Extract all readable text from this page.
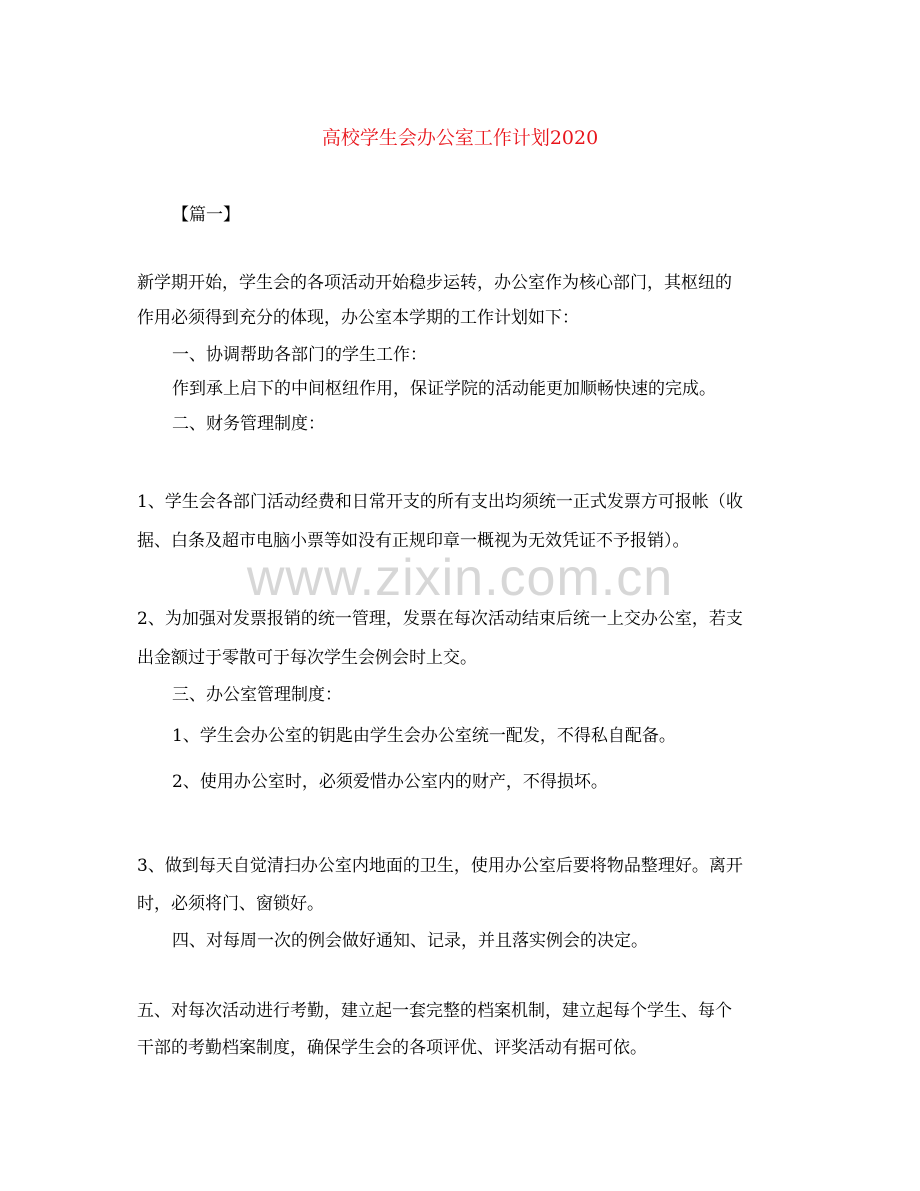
www.zixin.com.cn
高校学生会办公室工作计划2020
【篇一】
新学期开始，学生会的各项活动开始稳步运转，办公室作为核心部门，其枢纽的
作用必须得到充分的体现，办公室本学期的工作计划如下：
一、协调帮助各部门的学生工作：
作到承上启下的中间枢纽作用，保证学院的活动能更加顺畅快速的完成。
二、财务管理制度：
1、学生会各部门活动经费和日常开支的所有支出均须统一正式发票方可报帐（收
据、白条及超市电脑小票等如没有正规印章一概视为无效凭证不予报销）。
2、为加强对发票报销的统一管理，发票在每次活动结束后统一上交办公室，若支
出金额过于零散可于每次学生会例会时上交。
三、办公室管理制度：
1、学生会办公室的钥匙由学生会办公室统一配发，不得私自配备。
2、使用办公室时，必须爱惜办公室内的财产，不得损坏。
3、做到每天自觉清扫办公室内地面的卫生，使用办公室后要将物品整理好。离开
时，必须将门、窗锁好。
四、对每周一次的例会做好通知、记录，并且落实例会的决定。
五、对每次活动进行考勤，建立起一套完整的档案机制，建立起每个学生、每个
干部的考勤档案制度，确保学生会的各项评优、评奖活动有据可依。
